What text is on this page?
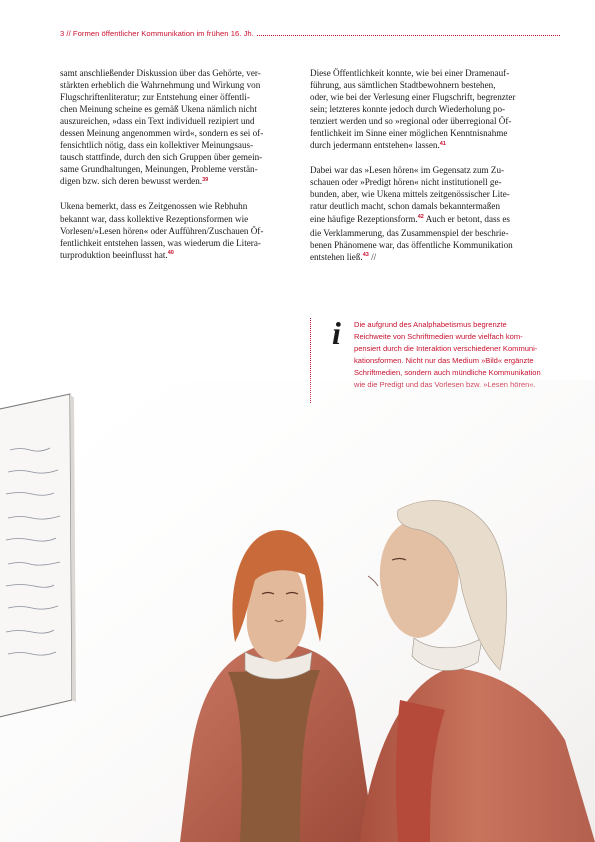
3 // Formen öffentlicher Kommunikation im frühen 16. Jh.

samt anschließender Diskussion über das Gehörte, ver-
stärkten erheblich die Wahrnehmung und Wirkung von
Flugschriftenliteratur; zur Entstehung einer öffentli-
chen Meinung scheine es gemäß Ukena nämlich nicht
auszureichen, »dass ein Text individuell rezipiert und
dessen Meinung angenommen wird«, sondern es sei of-
fensichtlich nötig, dass ein kollektiver Meinungsaus-
tausch stattfinde, durch den sich Gruppen über gemein-
same Grundhaltungen, Meinungen, Probleme verstän-
digen bzw. sich deren bewusst werden.$^{39}$

Ukena bemerkt, dass es Zeitgenossen wie Rebhuhn
bekannt war, dass kollektive Rezeptionsformen wie
Vorlesen/»Lesen hören« oder Aufführen/Zuschauen Öf-
fentlichkeit entstehen lassen, was wiederum die Litera-
turproduktion beeinflusst hat.$^{40}$

Diese Öffentlichkeit konnte, wie bei einer Dramenauf-
führung, aus sämtlichen Stadtbewohnern bestehen,
oder, wie bei der Verlesung einer Flugschrift, begrenzter
sein; letzteres konnte jedoch durch Wiederholung po-
tenziert werden und so »regional oder überregional Öf-
fentlichkeit im Sinne einer möglichen Kenntnisnahme
durch jedermann entstehen« lassen.$^{41}$

Dabei war das »Lesen hören« im Gegensatz zum Zu-
schauen oder »Predigt hören« nicht institutionell ge-
bunden, aber, wie Ukena mittels zeitgenössischer Lite-
ratur deutlich macht, schon damals bekanntermaßen
eine häufige Rezeptionsform.$^{42}$ Auch er betont, dass es
die Verklammerung, das Zusammenspiel der beschrie-
benen Phänomene war, das öffentliche Kommunikation
entstehen ließ.$^{43}$ //

i Die aufgrund des Analphabetismus begrenzte
Reichweite von Schriftmedien wurde vielfach kom-
pensiert durch die Interaktion verschiedener Kommuni-
kationsformen. Nicht nur das Medium »Bild« ergänzte
Schriftmedien, sondern auch mündliche Kommunikation
